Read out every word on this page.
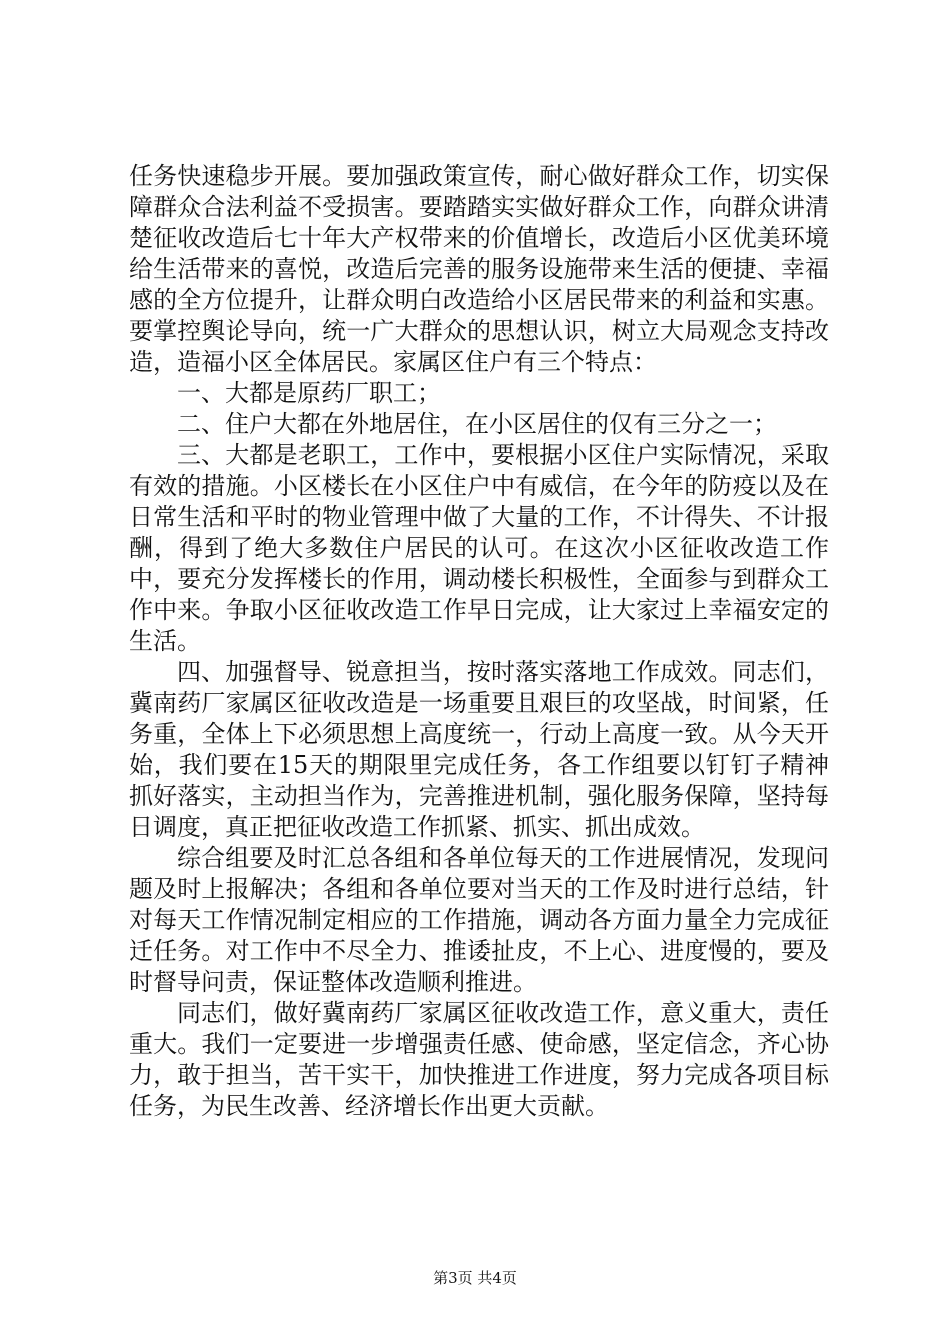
任务快速稳步开展。要加强政策宣传，耐心做好群众工作，切实保障群众合法利益不受损害。要踏踏实实做好群众工作，向群众讲清楚征收改造后七十年大产权带来的价值增长，改造后小区优美环境给生活带来的喜悦，改造后完善的服务设施带来生活的便捷、幸福感的全方位提升，让群众明白改造给小区居民带来的利益和实惠。要掌控舆论导向，统一广大群众的思想认识，树立大局观念支持改造，造福小区全体居民。家属区住户有三个特点：

一、大都是原药厂职工；

二、住户大都在外地居住，在小区居住的仅有三分之一；

三、大都是老职工，工作中，要根据小区住户实际情况，采取有效的措施。小区楼长在小区住户中有威信，在今年的防疫以及在日常生活和平时的物业管理中做了大量的工作，不计得失、不计报酬，得到了绝大多数住户居民的认可。在这次小区征收改造工作中，要充分发挥楼长的作用，调动楼长积极性，全面参与到群众工作中来。争取小区征收改造工作早日完成，让大家过上幸福安定的生活。

四、加强督导、锐意担当，按时落实落地工作成效。同志们，冀南药厂家属区征收改造是一场重要且艰巨的攻坚战，时间紧，任务重，全体上下必须思想上高度统一，行动上高度一致。从今天开始，我们要在15天的期限里完成任务，各工作组要以钉钉子精神抓好落实，主动担当作为，完善推进机制，强化服务保障，坚持每日调度，真正把征收改造工作抓紧、抓实、抓出成效。

综合组要及时汇总各组和各单位每天的工作进展情况，发现问题及时上报解决；各组和各单位要对当天的工作及时进行总结，针对每天工作情况制定相应的工作措施，调动各方面力量全力完成征迁任务。对工作中不尽全力、推诿扯皮，不上心、进度慢的，要及时督导问责，保证整体改造顺利推进。

同志们，做好冀南药厂家属区征收改造工作，意义重大，责任重大。我们一定要进一步增强责任感、使命感，坚定信念，齐心协力，敢于担当，苦干实干，加快推进工作进度，努力完成各项目标任务，为民生改善、经济增长作出更大贡献。

第3页 共4页
